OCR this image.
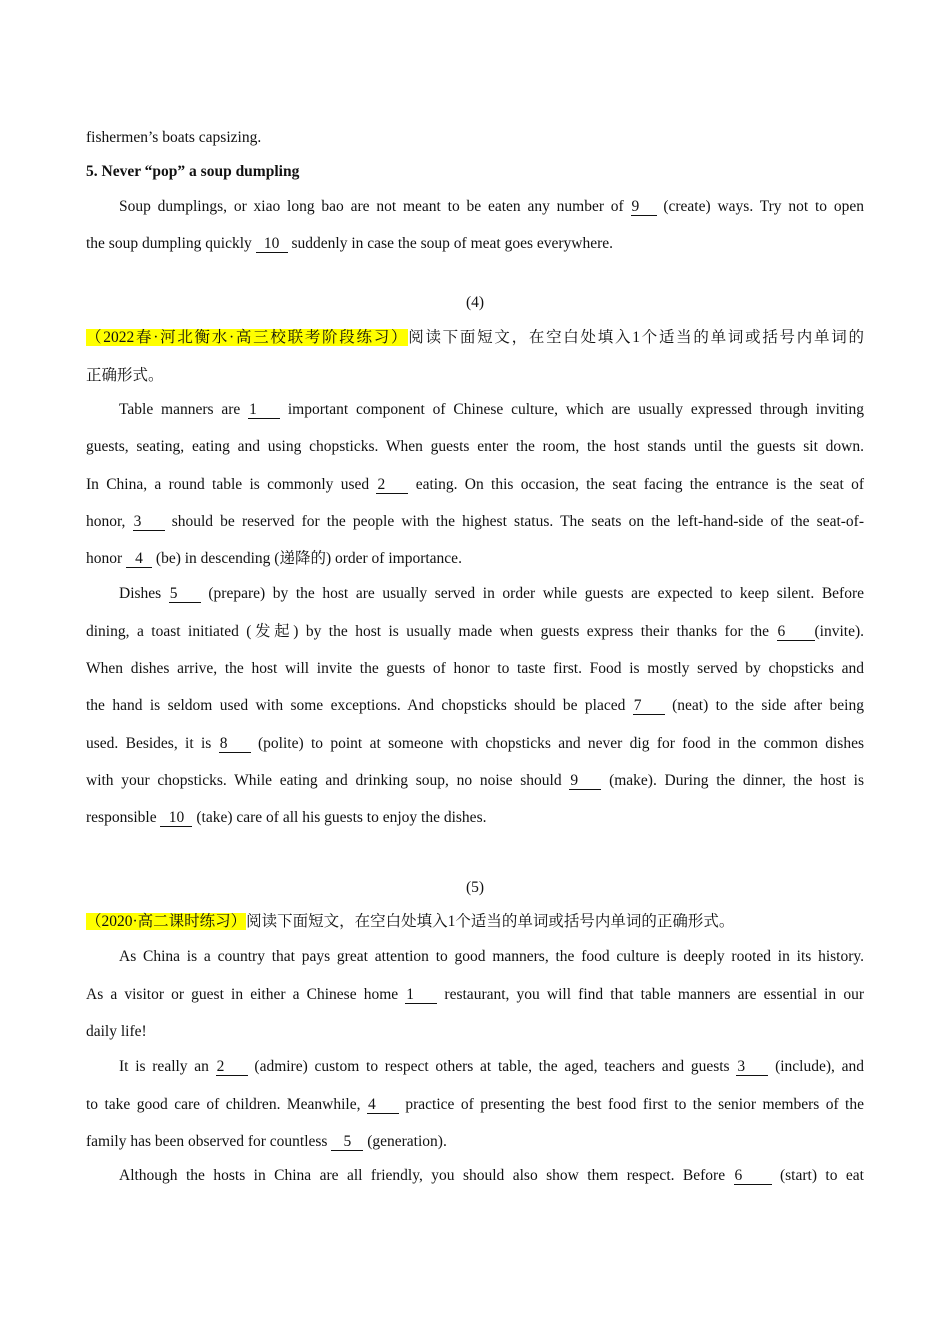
fishermen’s boats capsizing.
5. Never “pop” a soup dumpling
Soup dumplings, or xiao long bao are not meant to be eaten any number of 9 (create) ways. Try not to open
the soup dumpling quickly 10 suddenly in case the soup of meat goes everywhere.
(4)
（2022春·河北衡水·高三校联考阶段练习）阅读下面短文，在空白处填入1个适当的单词或括号内单词的
正确形式。
Table manners are 1 important component of Chinese culture, which are usually expressed through inviting
guests, seating, eating and using chopsticks. When guests enter the room, the host stands until the guests sit down.
In China, a round table is commonly used 2 eating. On this occasion, the seat facing the entrance is the seat of
honor, 3 should be reserved for the people with the highest status. The seats on the left-hand-side of the seat-of-
honor 4 (be) in descending (递降的) order of importance.
Dishes 5 (prepare) by the host are usually served in order while guests are expected to keep silent. Before
dining, a toast initiated (发起) by the host is usually made when guests express their thanks for the 6 (invite).
When dishes arrive, the host will invite the guests of honor to taste first. Food is mostly served by chopsticks and
the hand is seldom used with some exceptions. And chopsticks should be placed 7 (neat) to the side after being
used. Besides, it is 8 (polite) to point at someone with chopsticks and never dig for food in the common dishes
with your chopsticks. While eating and drinking soup, no noise should 9 (make). During the dinner, the host is
responsible 10 (take) care of all his guests to enjoy the dishes.
(5)
（2020·高二课时练习）阅读下面短文，在空白处填入1个适当的单词或括号内单词的正确形式。
As China is a country that pays great attention to good manners, the food culture is deeply rooted in its history.
As a visitor or guest in either a Chinese home 1 restaurant, you will find that table manners are essential in our
daily life!
It is really an 2 (admire) custom to respect others at table, the aged, teachers and guests 3 (include), and
to take good care of children. Meanwhile, 4 practice of presenting the best food first to the senior members of the
family has been observed for countless 5 (generation).
Although the hosts in China are all friendly, you should also show them respect. Before 6 (start) to eat
